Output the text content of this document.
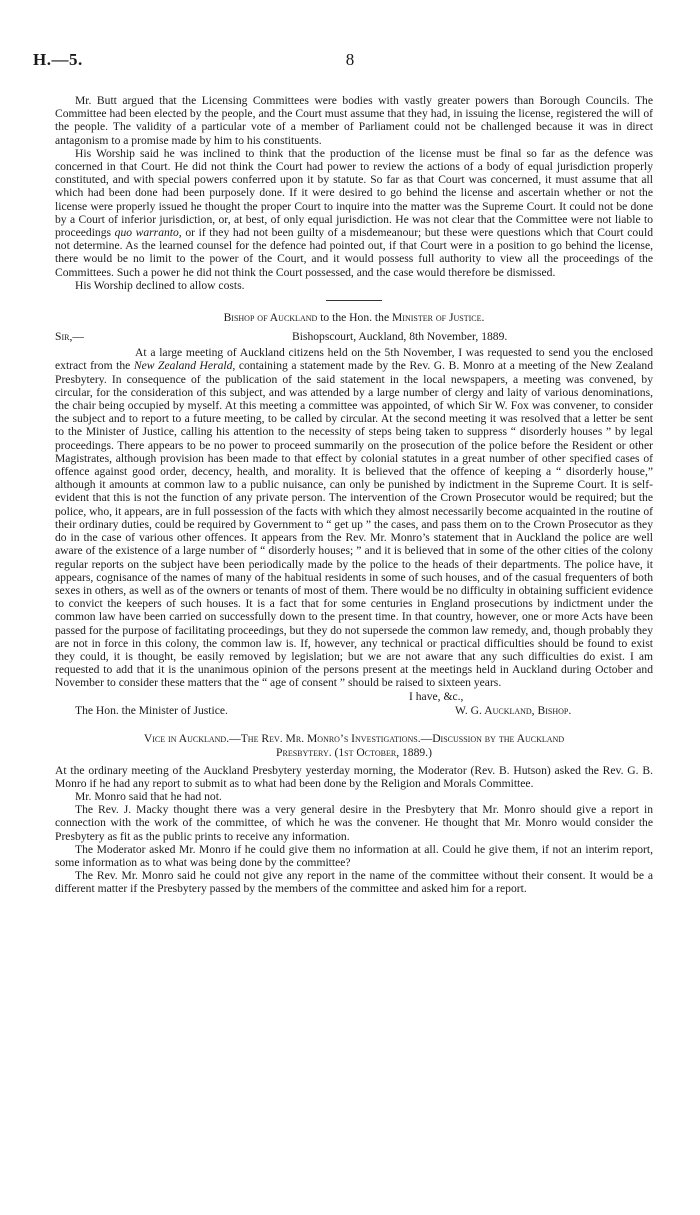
H.—5.	8

Mr. Butt argued that the Licensing Committees were bodies with vastly greater powers than Borough Councils. The Committee had been elected by the people, and the Court must assume that they had, in issuing the license, registered the will of the people. The validity of a particular vote of a member of Parliament could not be challenged because it was in direct antagonism to a promise made by him to his constituents.

His Worship said he was inclined to think that the production of the license must be final so far as the defence was concerned in that Court. He did not think the Court had power to review the actions of a body of equal jurisdiction properly constituted, and with special powers conferred upon it by statute. So far as that Court was concerned, it must assume that all which had been done had been purposely done. If it were desired to go behind the license and ascertain whether or not the license were properly issued he thought the proper Court to inquire into the matter was the Supreme Court. It could not be done by a Court of inferior jurisdiction, or, at best, of only equal jurisdiction. He was not clear that the Committee were not liable to proceedings quo warranto, or if they had not been guilty of a misdemeanour; but these were questions which that Court could not determine. As the learned counsel for the defence had pointed out, if that Court were in a position to go behind the license, there would be no limit to the power of the Court, and it would possess full authority to view all the proceedings of the Committees. Such a power he did not think the Court possessed, and the case would therefore be dismissed.

His Worship declined to allow costs.

Bishop of Auckland to the Hon. the Minister of Justice.

Sir,—	Bishopscourt, Auckland, 8th November, 1889.

At a large meeting of Auckland citizens held on the 5th November, I was requested to send you the enclosed extract from the New Zealand Herald, containing a statement made by the Rev. G. B. Monro at a meeting of the New Zealand Presbytery. In consequence of the publication of the said statement in the local newspapers, a meeting was convened, by circular, for the consideration of this subject, and was attended by a large number of clergy and laity of various denominations, the chair being occupied by myself. At this meeting a committee was appointed, of which Sir W. Fox was convener, to consider the subject and to report to a future meeting, to be called by circular. At the second meeting it was resolved that a letter be sent to the Minister of Justice, calling his attention to the necessity of steps being taken to suppress “ disorderly houses ” by legal proceedings. There appears to be no power to proceed summarily on the prosecution of the police before the Resident or other Magistrates, although provision has been made to that effect by colonial statutes in a great number of other specified cases of offence against good order, decency, health, and morality. It is believed that the offence of keeping a “ disorderly house,” although it amounts at common law to a public nuisance, can only be punished by indictment in the Supreme Court. It is self-evident that this is not the function of any private person. The intervention of the Crown Prosecutor would be required; but the police, who, it appears, are in full possession of the facts with which they almost necessarily become acquainted in the routine of their ordinary duties, could be required by Government to “ get up ” the cases, and pass them on to the Crown Prosecutor as they do in the case of various other offences. It appears from the Rev. Mr. Monro’s statement that in Auckland the police are well aware of the existence of a large number of “ disorderly houses; ” and it is believed that in some of the other cities of the colony regular reports on the subject have been periodically made by the police to the heads of their departments. The police have, it appears, cognisance of the names of many of the habitual residents in some of such houses, and of the casual frequenters of both sexes in others, as well as of the owners or tenants of most of them. There would be no difficulty in obtaining sufficient evidence to convict the keepers of such houses. It is a fact that for some centuries in England prosecutions by indictment under the common law have been carried on successfully down to the present time. In that country, however, one or more Acts have been passed for the purpose of facilitating proceedings, but they do not supersede the common law remedy, and, though probably they are not in force in this colony, the common law is. If, however, any technical or practical difficulties should be found to exist they could, it is thought, be easily removed by legislation; but we are not aware that any such difficulties do exist. I am requested to add that it is the unanimous opinion of the persons present at the meetings held in Auckland during October and November to consider these matters that the “ age of consent ” should be raised to sixteen years.

I have, &c.,
The Hon. the Minister of Justice.	W. G. Auckland, Bishop.
Vice in Auckland.—The Rev. Mr. Monro’s Investigations.—Discussion by the Auckland
Presbytery. (1st October, 1889.)

At the ordinary meeting of the Auckland Presbytery yesterday morning, the Moderator (Rev. B. Hutson) asked the Rev. G. B. Monro if he had any report to submit as to what had been done by the Religion and Morals Committee.

Mr. Monro said that he had not.

The Rev. J. Macky thought there was a very general desire in the Presbytery that Mr. Monro should give a report in connection with the work of the committee, of which he was the convener. He thought that Mr. Monro would consider the Presbytery as fit as the public prints to receive any information.

The Moderator asked Mr. Monro if he could give them no information at all. Could he give them, if not an interim report, some information as to what was being done by the committee?

The Rev. Mr. Monro said he could not give any report in the name of the committee without their consent. It would be a different matter if the Presbytery passed by the members of the committee and asked him for a report.
